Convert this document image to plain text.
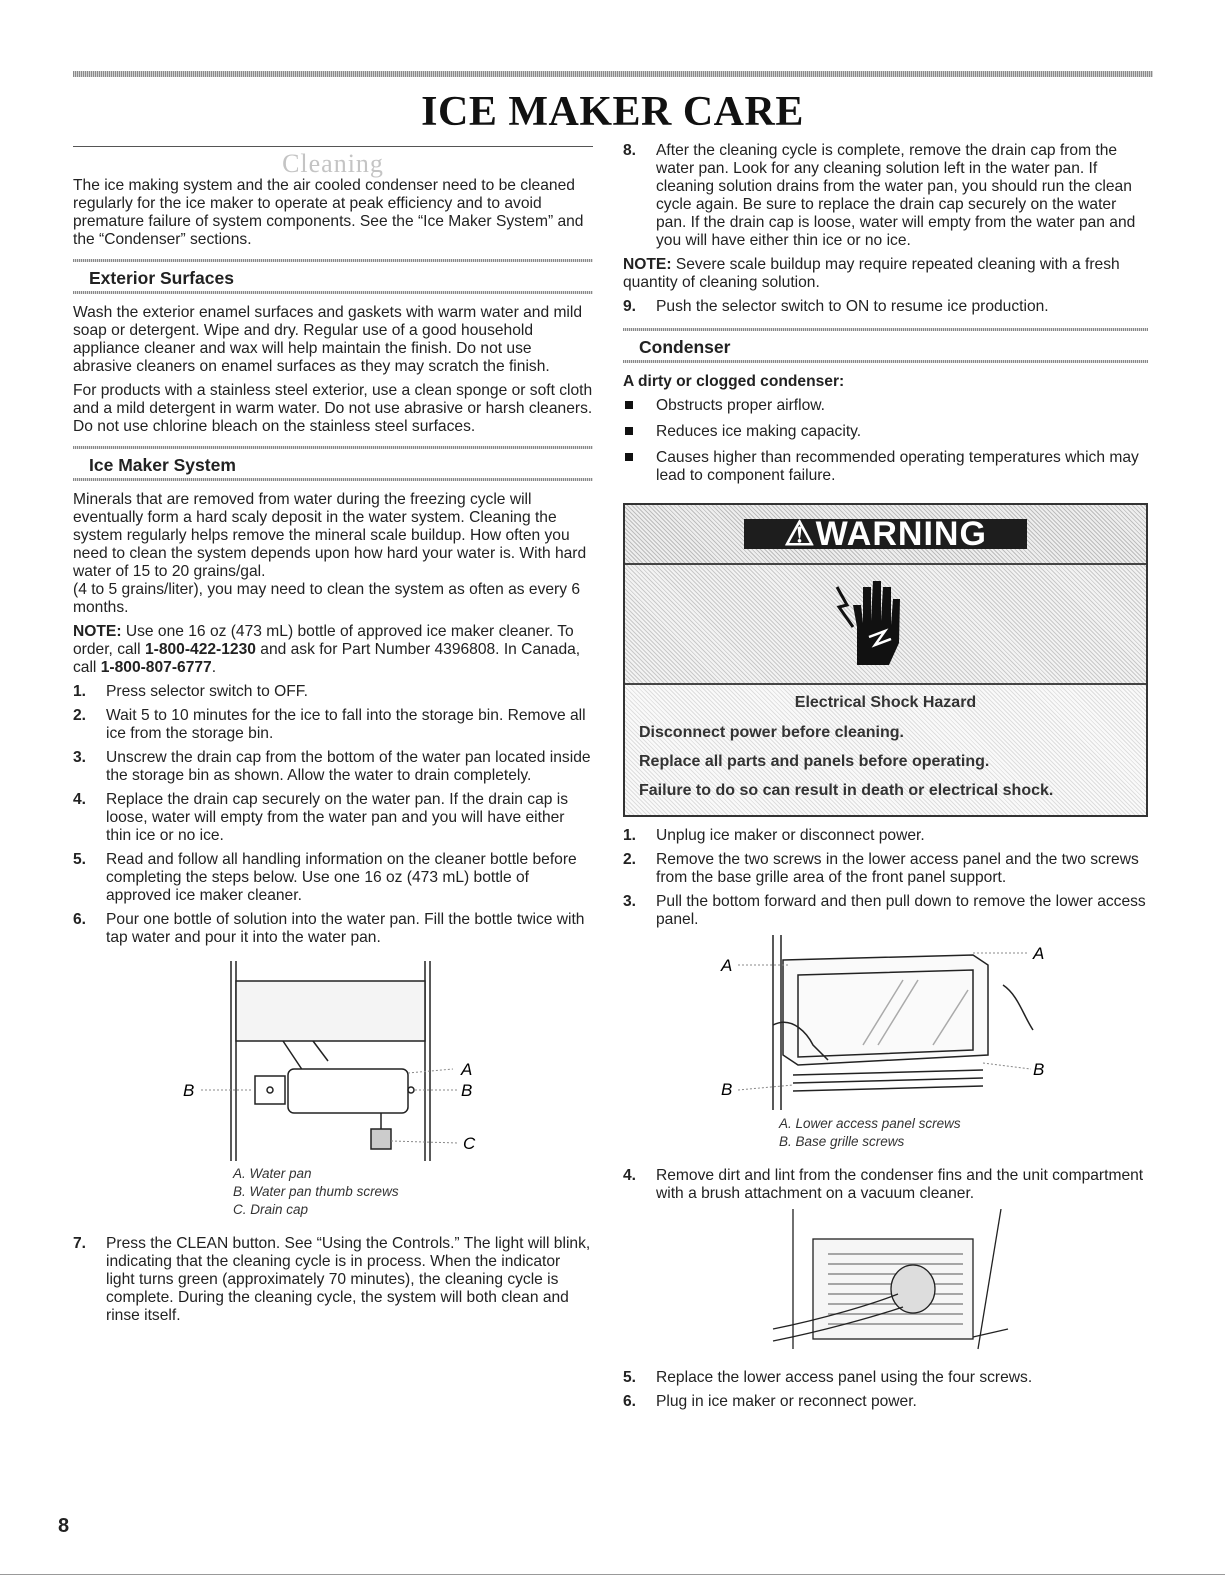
ICE MAKER CARE
Cleaning

The ice making system and the air cooled condenser need to be cleaned regularly for the ice maker to operate at peak efficiency and to avoid premature failure of system components. See the “Ice Maker System” and the “Condenser” sections.

Exterior Surfaces

Wash the exterior enamel surfaces and gaskets with warm water and mild soap or detergent. Wipe and dry. Regular use of a good household appliance cleaner and wax will help maintain the finish. Do not use abrasive cleaners on enamel surfaces as they may scratch the finish.

For products with a stainless steel exterior, use a clean sponge or soft cloth and a mild detergent in warm water. Do not use abrasive or harsh cleaners. Do not use chlorine bleach on the stainless steel surfaces.

Ice Maker System

Minerals that are removed from water during the freezing cycle will eventually form a hard scaly deposit in the water system. Cleaning the system regularly helps remove the mineral scale buildup. How often you need to clean the system depends upon how hard your water is. With hard water of 15 to 20 grains/gal.

(4 to 5 grains/liter), you may need to clean the system as often as every 6 months.

NOTE: Use one 16 oz (473 mL) bottle of approved ice maker cleaner. To order, call 1-800-422-1230 and ask for Part Number 4396808. In Canada, call 1-800-807-6777.

1. Press selector switch to OFF.
2. Wait 5 to 10 minutes for the ice to fall into the storage bin. Remove all ice from the storage bin.
3. Unscrew the drain cap from the bottom of the water pan located inside the storage bin as shown. Allow the water to drain completely.
4. Replace the drain cap securely on the water pan. If the drain cap is loose, water will empty from the water pan and you will have either thin ice or no ice.
5. Read and follow all handling information on the cleaner bottle before completing the steps below. Use one 16 oz (473 mL) bottle of approved ice maker cleaner.
6. Pour one bottle of solution into the water pan. Fill the bottle twice with tap water and pour it into the water pan.
B
A
B
C
A. Water pan
B. Water pan thumb screws
C. Drain cap
7. Press the CLEAN button. See “Using the Controls.” The light will blink, indicating that the cleaning cycle is in process. When the indicator light turns green (approximately 70 minutes), the cleaning cycle is complete. During the cleaning cycle, the system will both clean and rinse itself.
8. After the cleaning cycle is complete, remove the drain cap from the water pan. Look for any cleaning solution left in the water pan. If cleaning solution drains from the water pan, you should run the clean cycle again. Be sure to replace the drain cap securely on the water pan. If the drain cap is loose, water will empty from the water pan and you will have either thin ice or no ice.

NOTE: Severe scale buildup may require repeated cleaning with a fresh quantity of cleaning solution.

9. Push the selector switch to ON to resume ice production.
Condenser

A dirty or clogged condenser:

Obstructs proper airflow.
Reduces ice making capacity.
Causes higher than recommended operating temperatures which may lead to component failure.
⚠WARNING
Electrical Shock Hazard

Disconnect power before cleaning.

Replace all parts and panels before operating.

Failure to do so can result in death or electrical shock.

1. Unplug ice maker or disconnect power.
2. Remove the two screws in the lower access panel and the two screws from the base grille area of the front panel support.
3. Pull the bottom forward and then pull down to remove the lower access panel.
A
A
B
B
A. Lower access panel screws
B. Base grille screws
4. Remove dirt and lint from the condenser fins and the unit compartment with a brush attachment on a vacuum cleaner.
5. Replace the lower access panel using the four screws.
6. Plug in ice maker or reconnect power.
8
